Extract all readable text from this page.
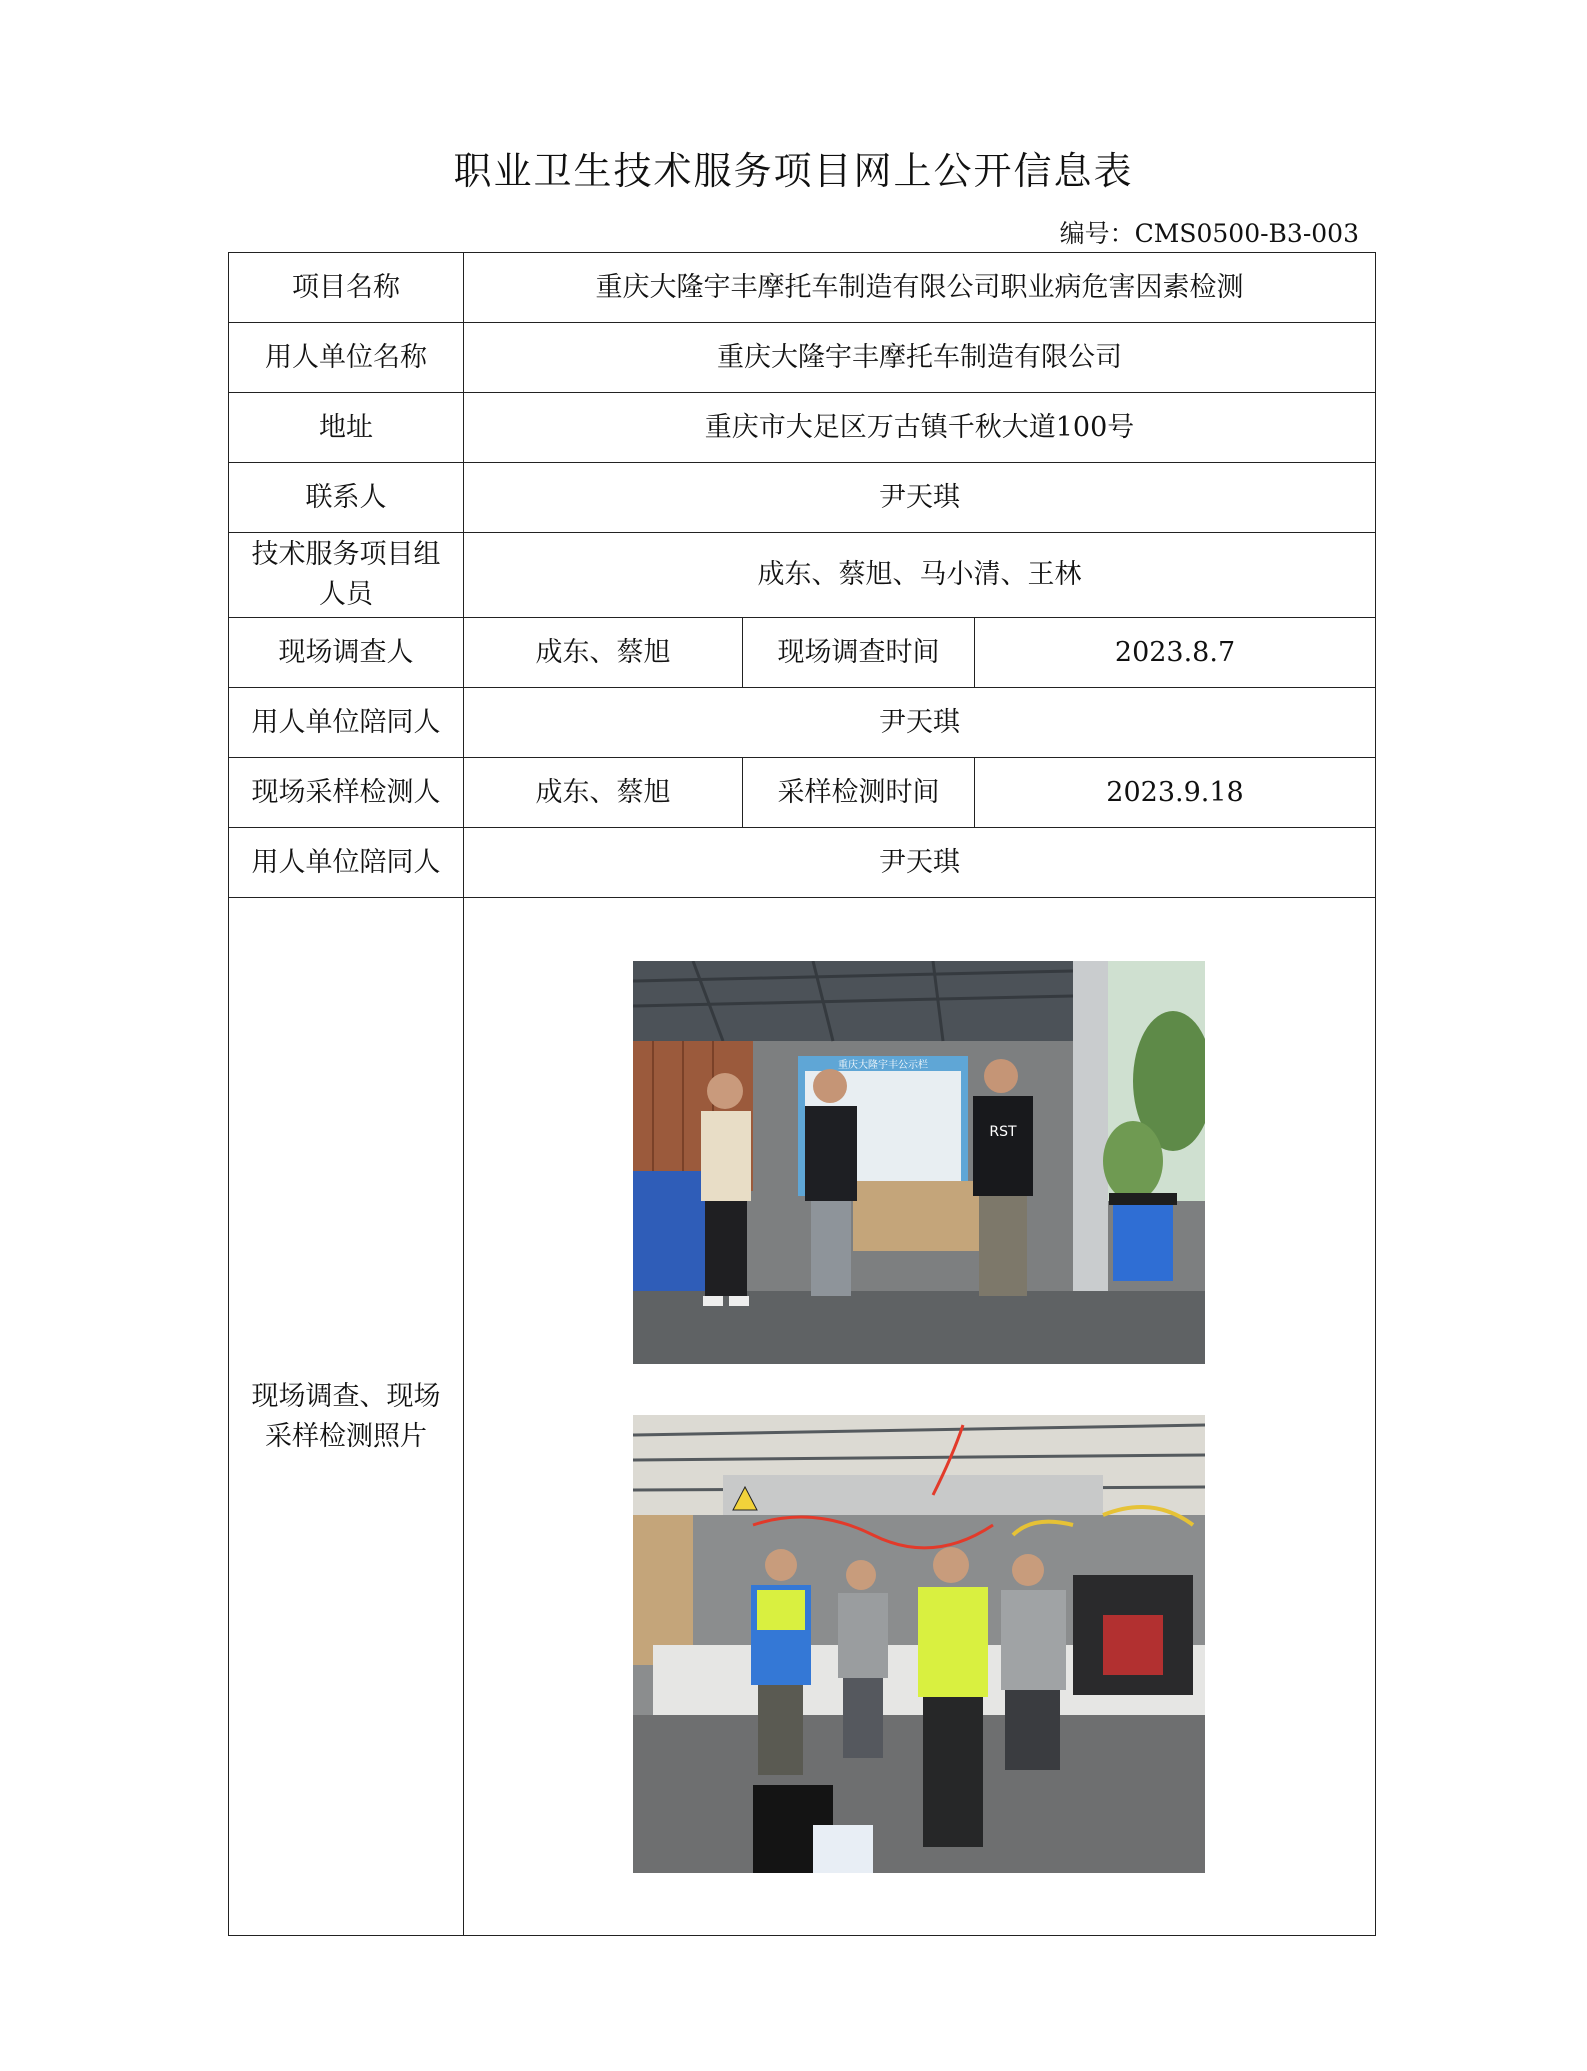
职业卫生技术服务项目网上公开信息表
编号：CMS0500-B3-003
项目名称	重庆大隆宇丰摩托车制造有限公司职业病危害因素检测		
用人单位名称	重庆大隆宇丰摩托车制造有限公司		
地址	重庆市大足区万古镇千秋大道100号		
联系人	尹天琪		
技术服务项目组
人员	成东、蔡旭、马小清、王林		
现场调查人	成东、蔡旭	现场调查时间	2023.8.7
用人单位陪同人	尹天琪		
现场采样检测人	成东、蔡旭	采样检测时间	2023.9.18
用人单位陪同人	尹天琪		
现场调查、现场
采样检测照片	重庆大隆宇丰公示栏
RST		
